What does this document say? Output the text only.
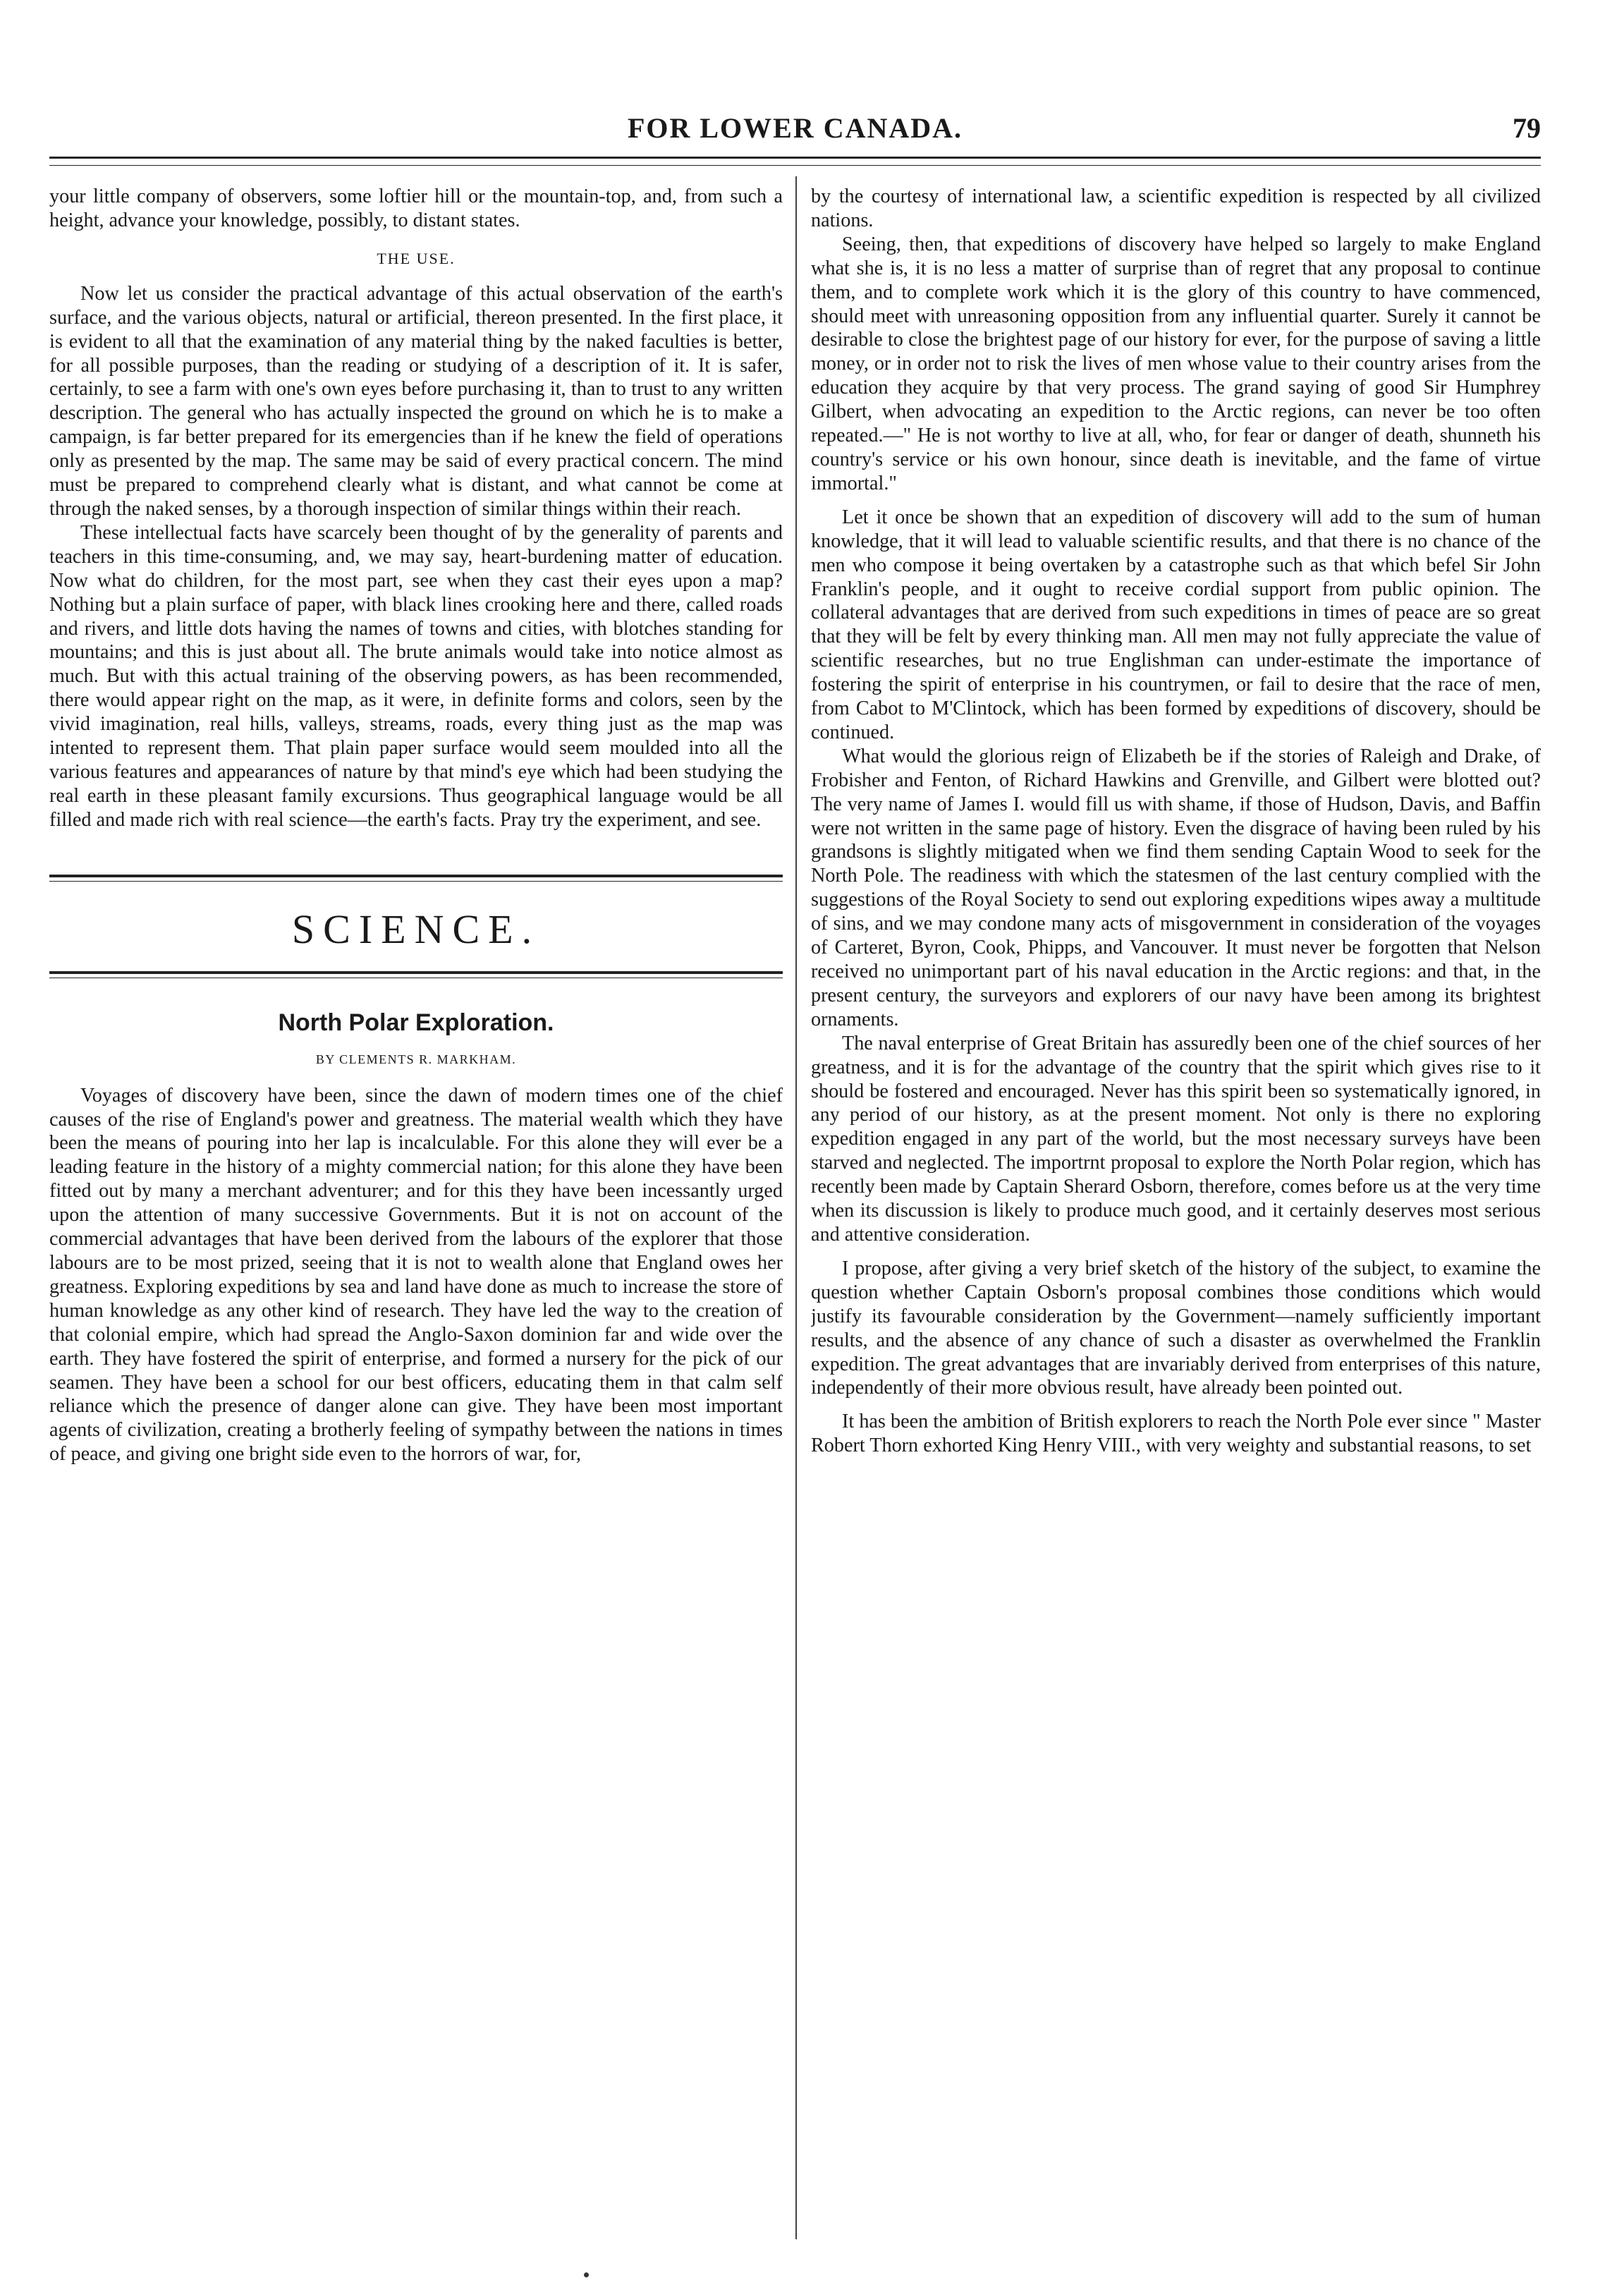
FOR LOWER CANADA.	79

your little company of observers, some loftier hill or the mountain-top, and, from such a height, advance your knowledge, possibly, to distant states.

THE USE.

Now let us consider the practical advantage of this actual observation of the earth's surface, and the various objects, natural or artificial, thereon presented. In the first place, it is evident to all that the examination of any material thing by the naked faculties is better, for all possible purposes, than the reading or studying of a description of it. It is safer, certainly, to see a farm with one's own eyes before purchasing it, than to trust to any written description. The general who has actually inspected the ground on which he is to make a campaign, is far better prepared for its emergencies than if he knew the field of operations only as presented by the map. The same may be said of every practical concern. The mind must be prepared to comprehend clearly what is distant, and what cannot be come at through the naked senses, by a thorough inspection of similar things within their reach.

These intellectual facts have scarcely been thought of by the generality of parents and teachers in this time-consuming, and, we may say, heart-burdening matter of education. Now what do children, for the most part, see when they cast their eyes upon a map? Nothing but a plain surface of paper, with black lines crooking here and there, called roads and rivers, and little dots having the names of towns and cities, with blotches standing for mountains; and this is just about all. The brute animals would take into notice almost as much. But with this actual training of the observing powers, as has been recommended, there would appear right on the map, as it were, in definite forms and colors, seen by the vivid imagination, real hills, valleys, streams, roads, every thing just as the map was intented to represent them. That plain paper surface would seem moulded into all the various features and appearances of nature by that mind's eye which had been studying the real earth in these pleasant family excursions. Thus geographical language would be all filled and made rich with real science—the earth's facts. Pray try the experiment, and see.

SCIENCE.
North Polar Exploration.
BY CLEMENTS R. MARKHAM.

Voyages of discovery have been, since the dawn of modern times one of the chief causes of the rise of England's power and greatness. The material wealth which they have been the means of pouring into her lap is incalculable. For this alone they will ever be a leading feature in the history of a mighty commercial nation; for this alone they have been fitted out by many a merchant adventurer; and for this they have been incessantly urged upon the attention of many successive Governments. But it is not on account of the commercial advantages that have been derived from the labours of the explorer that those labours are to be most prized, seeing that it is not to wealth alone that England owes her greatness. Exploring expeditions by sea and land have done as much to increase the store of human knowledge as any other kind of research. They have led the way to the creation of that colonial empire, which had spread the Anglo-Saxon dominion far and wide over the earth. They have fostered the spirit of enterprise, and formed a nursery for the pick of our seamen. They have been a school for our best officers, educating them in that calm self reliance which the presence of danger alone can give. They have been most important agents of civilization, creating a brotherly feeling of sympathy between the nations in times of peace, and giving one bright side even to the horrors of war, for,

by the courtesy of international law, a scientific expedition is respected by all civilized nations.

Seeing, then, that expeditions of discovery have helped so largely to make England what she is, it is no less a matter of surprise than of regret that any proposal to continue them, and to complete work which it is the glory of this country to have commenced, should meet with unreasoning opposition from any influential quarter. Surely it cannot be desirable to close the brightest page of our history for ever, for the purpose of saving a little money, or in order not to risk the lives of men whose value to their country arises from the education they acquire by that very process. The grand saying of good Sir Humphrey Gilbert, when advocating an expedition to the Arctic regions, can never be too often repeated.—" He is not worthy to live at all, who, for fear or danger of death, shunneth his country's service or his own honour, since death is inevitable, and the fame of virtue immortal."

Let it once be shown that an expedition of discovery will add to the sum of human knowledge, that it will lead to valuable scientific results, and that there is no chance of the men who compose it being overtaken by a catastrophe such as that which befel Sir John Franklin's people, and it ought to receive cordial support from public opinion. The collateral advantages that are derived from such expeditions in times of peace are so great that they will be felt by every thinking man. All men may not fully appreciate the value of scientific researches, but no true Englishman can under-estimate the importance of fostering the spirit of enterprise in his countrymen, or fail to desire that the race of men, from Cabot to M'Clintock, which has been formed by expeditions of discovery, should be continued.

What would the glorious reign of Elizabeth be if the stories of Raleigh and Drake, of Frobisher and Fenton, of Richard Hawkins and Grenville, and Gilbert were blotted out? The very name of James I. would fill us with shame, if those of Hudson, Davis, and Baffin were not written in the same page of history. Even the disgrace of having been ruled by his grandsons is slightly mitigated when we find them sending Captain Wood to seek for the North Pole. The readiness with which the statesmen of the last century complied with the suggestions of the Royal Society to send out exploring expeditions wipes away a multitude of sins, and we may condone many acts of misgovernment in consideration of the voyages of Carteret, Byron, Cook, Phipps, and Vancouver. It must never be forgotten that Nelson received no unimportant part of his naval education in the Arctic regions: and that, in the present century, the surveyors and explorers of our navy have been among its brightest ornaments.

The naval enterprise of Great Britain has assuredly been one of the chief sources of her greatness, and it is for the advantage of the country that the spirit which gives rise to it should be fostered and encouraged. Never has this spirit been so systematically ignored, in any period of our history, as at the present moment. Not only is there no exploring expedition engaged in any part of the world, but the most necessary surveys have been starved and neglected. The importrnt proposal to explore the North Polar region, which has recently been made by Captain Sherard Osborn, therefore, comes before us at the very time when its discussion is likely to produce much good, and it certainly deserves most serious and attentive consideration.

I propose, after giving a very brief sketch of the history of the subject, to examine the question whether Captain Osborn's proposal combines those conditions which would justify its favourable consideration by the Government—namely sufficiently important results, and the absence of any chance of such a disaster as overwhelmed the Franklin expedition. The great advantages that are invariably derived from enterprises of this nature, independently of their more obvious result, have already been pointed out.

It has been the ambition of British explorers to reach the North Pole ever since " Master Robert Thorn exhorted King Henry VIII., with very weighty and substantial reasons, to set
